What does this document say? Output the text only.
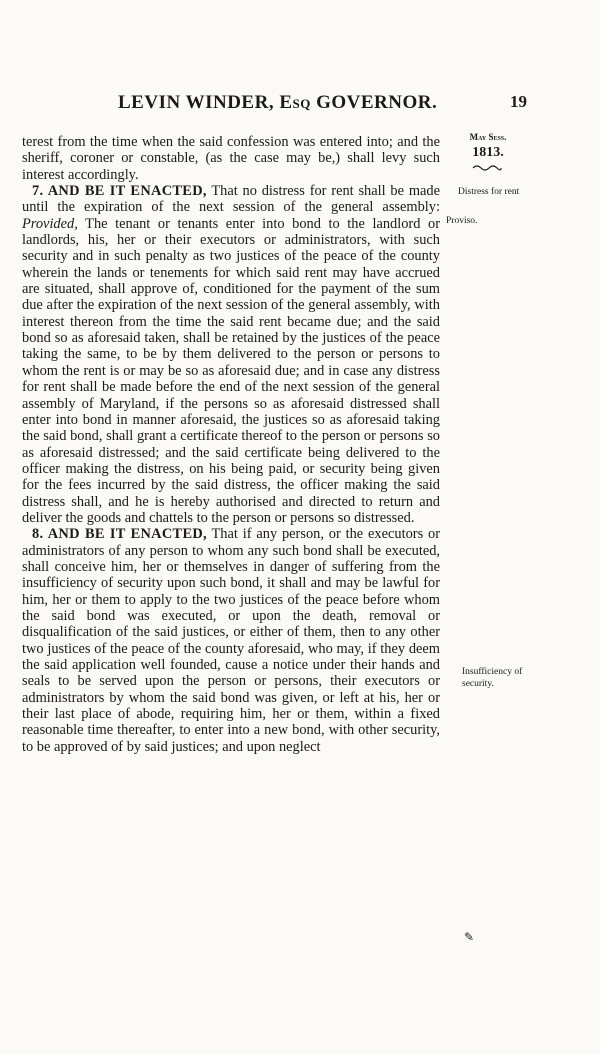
LEVIN WINDER, ESQ GOVERNOR.	19
May Sess.
1813.
Distress for rent
Proviso.
Insufficiency of security.

terest from the time when the said confession was entered into; and the sheriff, coroner or constable, (as the case may be,) shall levy such interest accordingly.

7. AND BE IT ENACTED, That no distress for rent shall be made until the expiration of the next session of the general assembly: Provided, The tenant or tenants enter into bond to the landlord or landlords, his, her or their executors or administrators, with such security and in such penalty as two justices of the peace of the county wherein the lands or tenements for which said rent may have accrued are situated, shall approve of, conditioned for the payment of the sum due after the expiration of the next session of the general assembly, with interest thereon from the time the said rent became due; and the said bond so as aforesaid taken, shall be retained by the justices of the peace taking the same, to be by them delivered to the person or persons to whom the rent is or may be so as aforesaid due; and in case any distress for rent shall be made before the end of the next session of the general assembly of Maryland, if the persons so as aforesaid distressed shall enter into bond in manner aforesaid, the justices so as aforesaid taking the said bond, shall grant a certificate thereof to the person or persons so as aforesaid distressed; and the said certificate being delivered to the officer making the distress, on his being paid, or security being given for the fees incurred by the said distress, the officer making the said distress shall, and he is hereby authorised and directed to return and deliver the goods and chattels to the person or persons so distressed.

8. AND BE IT ENACTED, That if any person, or the executors or administrators of any person to whom any such bond shall be executed, shall conceive him, her or themselves in danger of suffering from the insufficiency of security upon such bond, it shall and may be lawful for him, her or them to apply to the two justices of the peace before whom the said bond was executed, or upon the death, removal or disqualification of the said justices, or either of them, then to any other two justices of the peace of the county aforesaid, who may, if they deem the said application well founded, cause a notice under their hands and seals to be served upon the person or persons, their executors or administrators by whom the said bond was given, or left at his, her or their last place of abode, requiring him, her or them, within a fixed reasonable time thereafter, to enter into a new bond, with other security, to be approved of by said justices; and upon neglect

✎
